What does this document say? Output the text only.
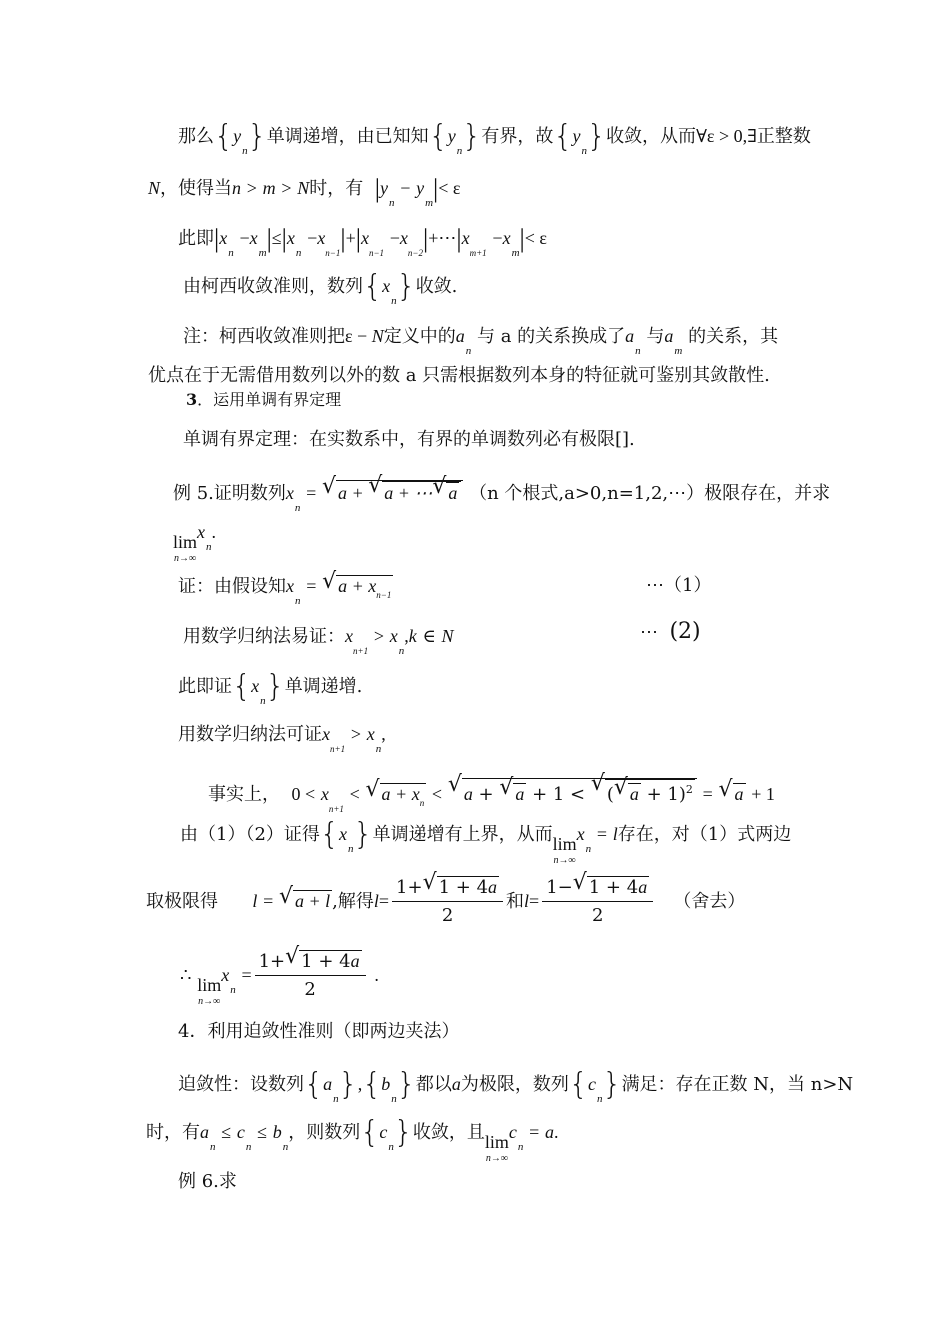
那么$\{y_n\}$单调递增，由已知知$\{y_n\}$有界，故$\{y_n\}$收敛，从而∀ε > 0,∃正整数
N，使得当n > m > N时，有 $|y_n - y_m|< \varepsilon$
此即$|x_n -x_m|\le|x_n -x_{n-1}|+|x_{n-1}$ $-x_{n-2}|+\cdots|x_{m+1} -x_m|< \varepsilon$
由柯西收敛准则，数列$\{x_n\}$收敛.
注：柯西收敛准则把ε − N定义中的$a_n$ 与 a 的关系换成了$a_n$ 与$a_m$ 的关系，其
优点在于无需借用数列以外的数 a 只需根据数列本身的特征就可鉴别其敛散性.
3．运用单调有界定理
单调有界定理：在实数系中，有界的单调数列必有极限[].
例 5.证明数列$x_n$ = √ a + √ a + ⋯ √ a （n 个根式,a>0,n=1,2,⋯）极限存在，并求
lim
n→∞
$x_n$.
证：由假设知$x_n$ = √ $a + x_{n-1}$	⋯（1）
用数学归纳法易证：$x_{n+1} > x_n,k$ ∈ N	⋯ (2)
此即证$\{x_n\}$单调递增.
用数学归纳法可证$x_{n+1} > x_n$,
事实上， $0 < x_{n+1}$ < √ $a + x_n$ < √ a + √ a + 1 < √ ( √ a + 1)$^2$ = √ a + 1
由（1）（2）证得$\{x_n\}$单调递增有上界，从而 lim
n→∞
$x_n = l$存在，对（1）式两边
取极限得 l = √ a + l ,解得$l= \frac{1+ √ 1 + 4a}{2}$ 和$l= \frac{1- √ 1 + 4a}{2}$ （舍去）
∴ lim
n→∞
$x_n = \frac{1+ √ 1 + 4a}{2}$ .
4．利用迫敛性准则（即两边夹法）
迫敛性：设数列$\{a_n\},\{b_n\}$都以a为极限，数列$\{c_n\}$满足：存在正数 N，当 n>N
时，有$a_n \le c_n \le b_n$，则数列$\{c_n\}$收敛，且 lim
n→∞
$c_n = a$.
例 6.求
